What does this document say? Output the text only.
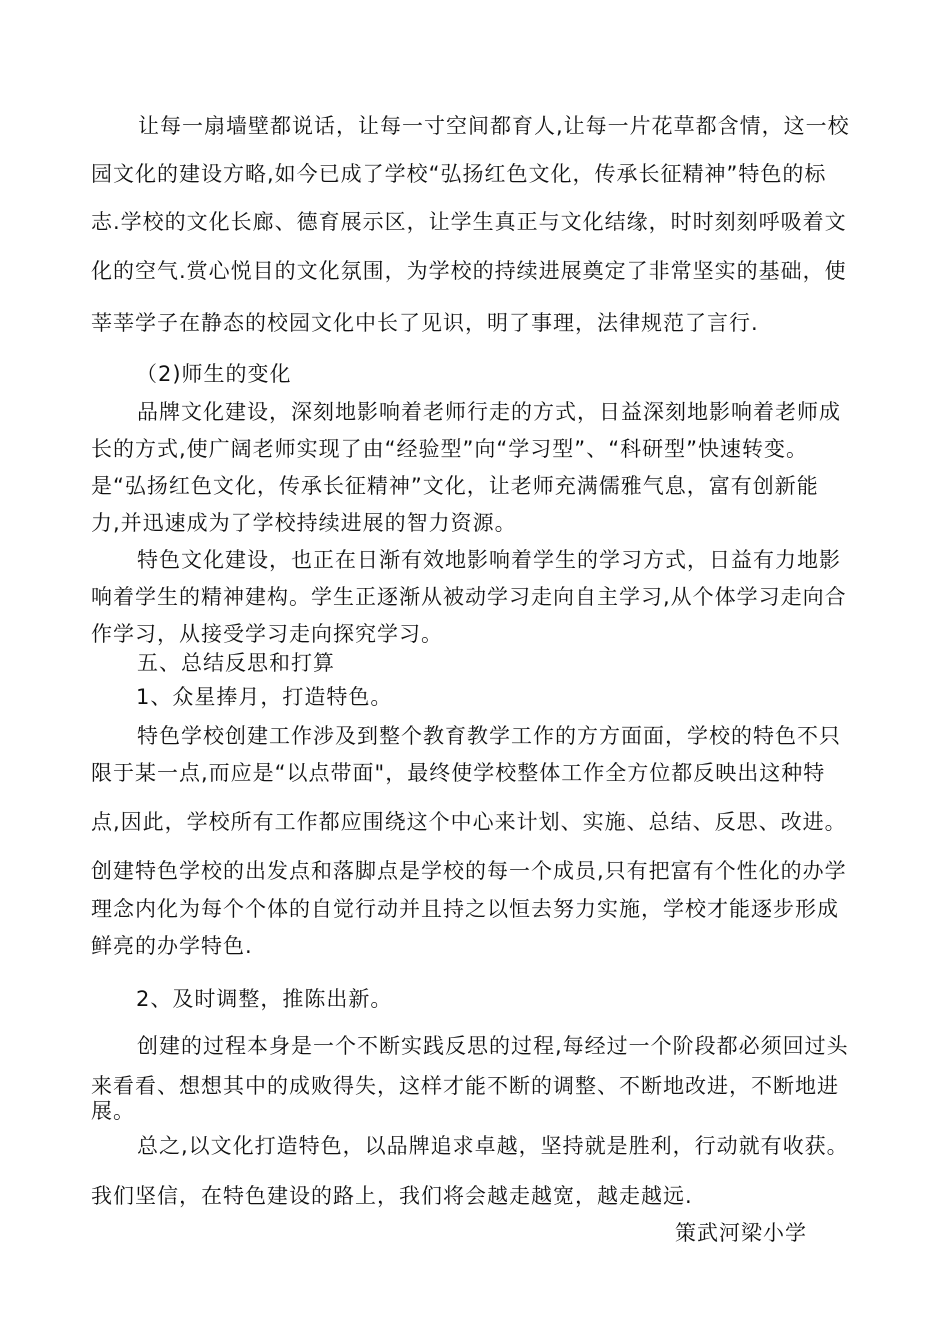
让每一扇墙壁都说话，让每一寸空间都育人,让每一片花草都含情，这一校
园文化的建设方略,如今已成了学校“弘扬红色文化，传承长征精神”特色的标
志.学校的文化长廊、德育展示区，让学生真正与文化结缘，时时刻刻呼吸着文
化的空气.赏心悦目的文化氛围，为学校的持续进展奠定了非常坚实的基础，使
莘莘学子在静态的校园文化中长了见识，明了事理，法律规范了言行.
（2)师生的变化
品牌文化建设，深刻地影响着老师行走的方式，日益深刻地影响着老师成
长的方式,使广阔老师实现了由“经验型”向“学习型”、“科研型”快速转变。
是“弘扬红色文化，传承长征精神”文化，让老师充满儒雅气息，富有创新能
力,并迅速成为了学校持续进展的智力资源。
特色文化建设，也正在日渐有效地影响着学生的学习方式，日益有力地影
响着学生的精神建构。学生正逐渐从被动学习走向自主学习,从个体学习走向合
作学习，从接受学习走向探究学习。
五、总结反思和打算
1、众星捧月，打造特色。
特色学校创建工作涉及到整个教育教学工作的方方面面，学校的特色不只
限于某一点,而应是“以点带面"，最终使学校整体工作全方位都反映出这种特
点,因此，学校所有工作都应围绕这个中心来计划、实施、总结、反思、改进。
创建特色学校的出发点和落脚点是学校的每一个成员,只有把富有个性化的办学
理念内化为每个个体的自觉行动并且持之以恒去努力实施，学校才能逐步形成
鲜亮的办学特色.
2、及时调整，推陈出新。
创建的过程本身是一个不断实践反思的过程,每经过一个阶段都必须回过头
来看看、想想其中的成败得失，这样才能不断的调整、不断地改进，不断地进
展。
总之,以文化打造特色，以品牌追求卓越，坚持就是胜利，行动就有收获。
我们坚信，在特色建设的路上，我们将会越走越宽，越走越远.
策武河梁小学
